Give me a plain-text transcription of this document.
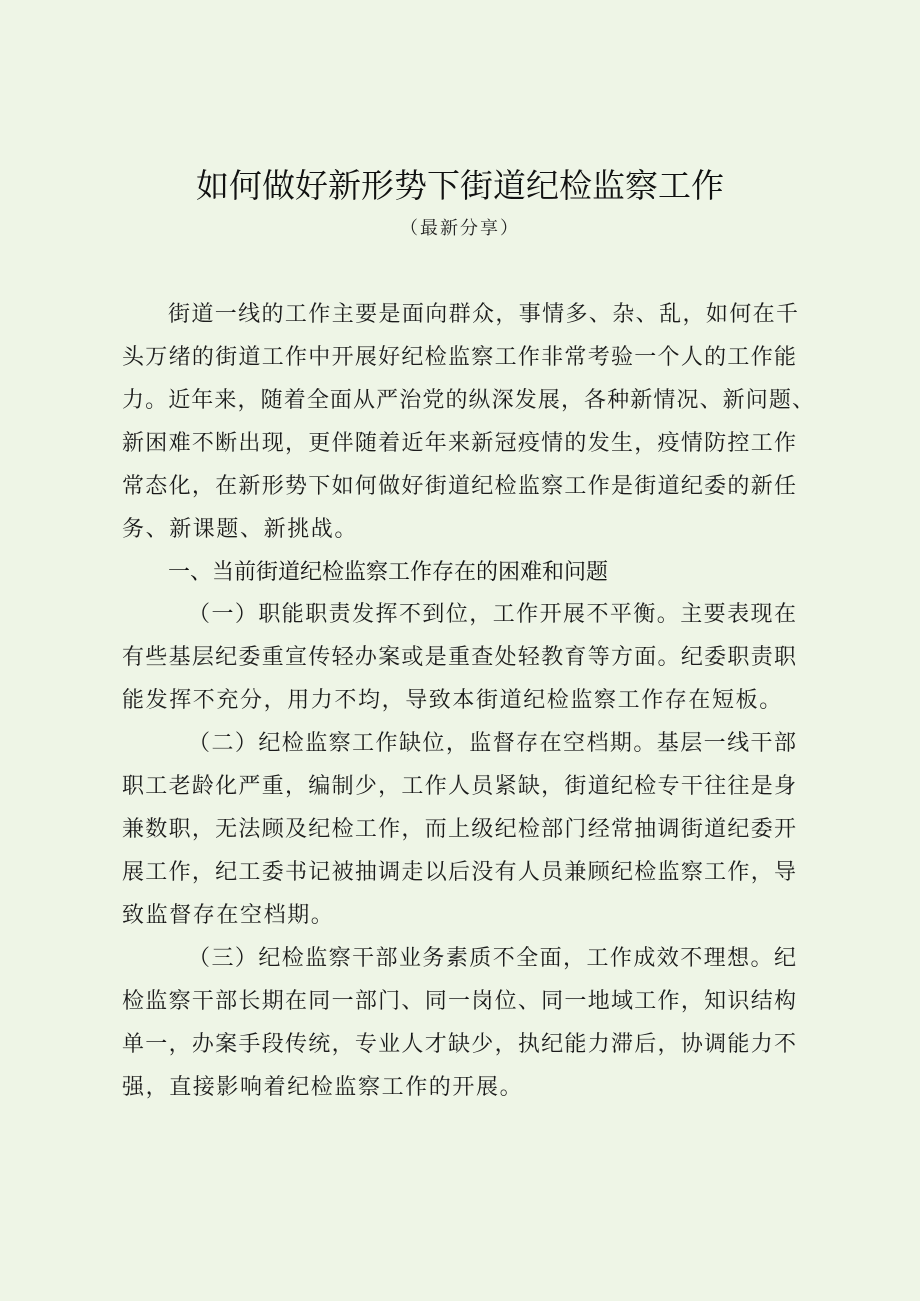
如何做好新形势下街道纪检监察工作
（最新分享）
街道一线的工作主要是面向群众，事情多、杂、乱，如何在千
头万绪的街道工作中开展好纪检监察工作非常考验一个人的工作能
力。近年来，随着全面从严治党的纵深发展，各种新情况、新问题、
新困难不断出现，更伴随着近年来新冠疫情的发生，疫情防控工作
常态化，在新形势下如何做好街道纪检监察工作是街道纪委的新任
务、新课题、新挑战。
一、当前街道纪检监察工作存在的困难和问题
（一）职能职责发挥不到位，工作开展不平衡。主要表现在
有些基层纪委重宣传轻办案或是重查处轻教育等方面。纪委职责职
能发挥不充分，用力不均，导致本街道纪检监察工作存在短板。
（二）纪检监察工作缺位，监督存在空档期。基层一线干部
职工老龄化严重，编制少，工作人员紧缺，街道纪检专干往往是身
兼数职，无法顾及纪检工作，而上级纪检部门经常抽调街道纪委开
展工作，纪工委书记被抽调走以后没有人员兼顾纪检监察工作，导
致监督存在空档期。
（三）纪检监察干部业务素质不全面，工作成效不理想。纪
检监察干部长期在同一部门、同一岗位、同一地域工作，知识结构
单一，办案手段传统，专业人才缺少，执纪能力滞后，协调能力不
强，直接影响着纪检监察工作的开展。
